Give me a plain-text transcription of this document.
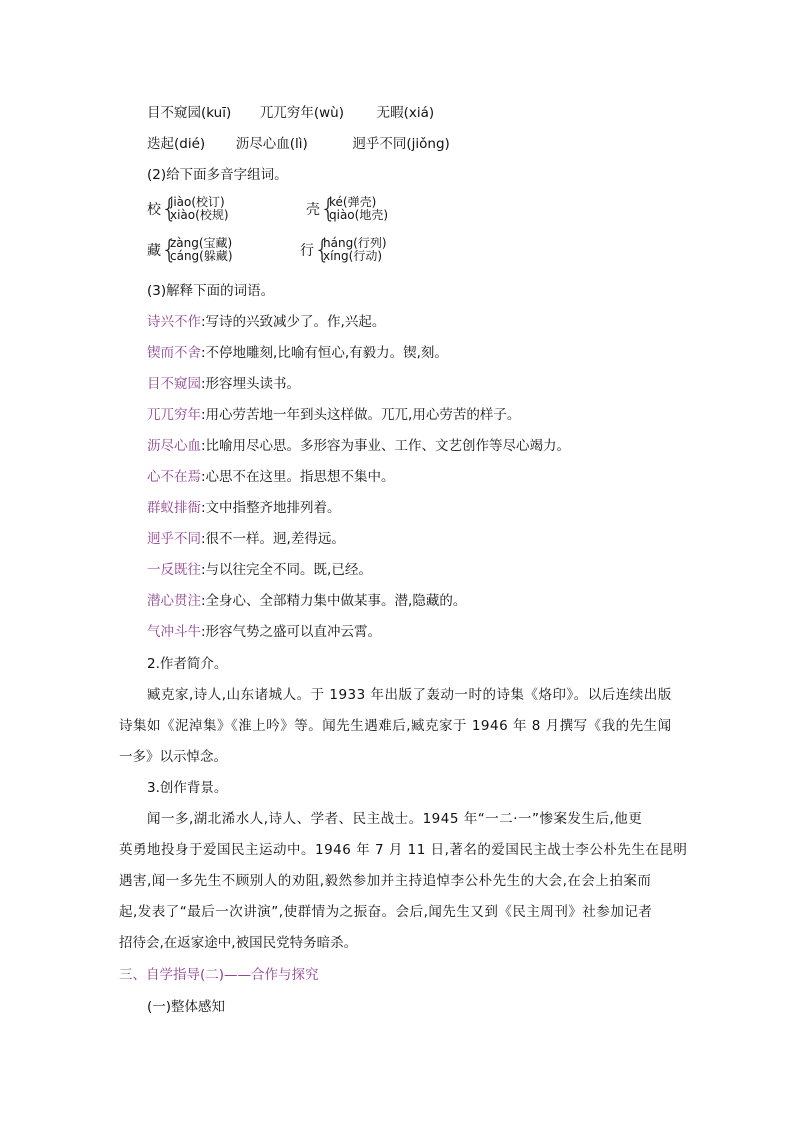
目不窥园(kuī) 兀兀穷年(wù) 无暇(xiá)
迭起(dié) 沥尽心血(lì)	迥乎不同(jiǒng)
(2)给下面多音字组词。
校 {
jiào(校订)
xiào(校规)	壳 {
ké(弹壳)
qiào(地壳)
藏 {
zàng(宝藏)
cáng(躲藏)	行 {
háng(行列)
xíng(行动)
(3)解释下面的词语。
诗兴不作:写诗的兴致减少了。作,兴起。
锲而不舍:不停地雕刻,比喻有恒心,有毅力。锲,刻。
目不窥园:形容埋头读书。
兀兀穷年:用心劳苦地一年到头这样做。兀兀,用心劳苦的样子。
沥尽心血:比喻用尽心思。多形容为事业、工作、文艺创作等尽心竭力。
心不在焉:心思不在这里。指思想不集中。
群蚁排衙:文中指整齐地排列着。
迥乎不同:很不一样。迥,差得远。
一反既往:与以往完全不同。既,已经。
潜心贯注:全身心、全部精力集中做某事。潜,隐藏的。
气冲斗牛:形容气势之盛可以直冲云霄。
2.作者简介。
臧克家,诗人,山东诸城人。于 1933 年出版了轰动一时的诗集《烙印》。以后连续出版
诗集如《泥淖集》《淮上吟》等。闻先生遇难后,臧克家于 1946 年 8 月撰写《我的先生闻
一多》以示悼念。
3.创作背景。
闻一多,湖北浠水人,诗人、学者、民主战士。1945 年“一二·一”惨案发生后,他更
英勇地投身于爱国民主运动中。1946 年 7 月 11 日,著名的爱国民主战士李公朴先生在昆明
遇害,闻一多先生不顾别人的劝阻,毅然参加并主持追悼李公朴先生的大会,在会上拍案而
起,发表了“最后一次讲演”,使群情为之振奋。会后,闻先生又到《民主周刊》社参加记者
招待会,在返家途中,被国民党特务暗杀。
三、自学指导(二)——合作与探究
(一)整体感知
